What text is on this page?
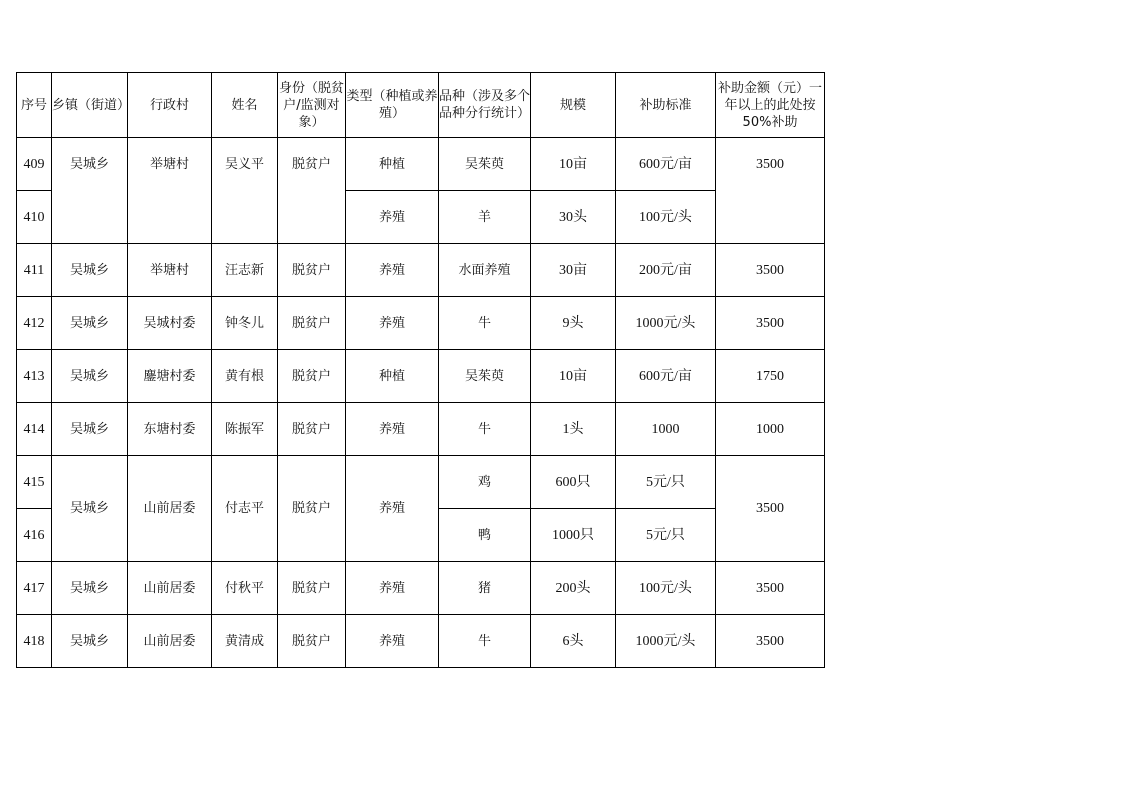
序号	乡镇（街道）	行政村	姓名	身份（脱贫户/监测对象）	类型（种植或养殖）	品种（涉及多个品种分行统计）	规模	补助标准	补助金额（元）一年以上的此处按50%补助
409	吴城乡	举塘村	吴义平	脱贫户	种植	吴茱萸	10亩	600元/亩	3500
410					养殖	羊	30头	100元/头	
411	吴城乡	举塘村	汪志新	脱贫户	养殖	水面养殖	30亩	200元/亩	3500
412	吴城乡	吴城村委	钟冬儿	脱贫户	养殖	牛	9头	1000元/头	3500
413	吴城乡	鏖塘村委	黄有根	脱贫户	种植	吴茱萸	10亩	600元/亩	1750
414	吴城乡	东塘村委	陈振军	脱贫户	养殖	牛	1头	1000	1000
415	吴城乡	山前居委	付志平	脱贫户	养殖	鸡	600只	5元/只	3500
416						鸭	1000只	5元/只	
417	吴城乡	山前居委	付秋平	脱贫户	养殖	猪	200头	100元/头	3500
418	吴城乡	山前居委	黄清成	脱贫户	养殖	牛	6头	1000元/头	3500
